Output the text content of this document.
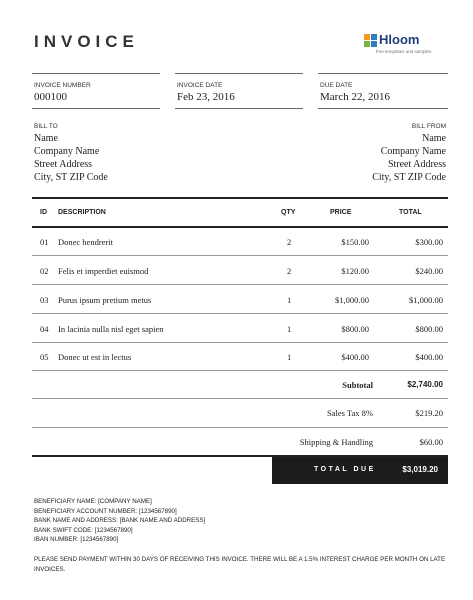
INVOICE	Hloom
free templates and samples
INVOICE NUMBER
000100
INVOICE DATE
Feb 23, 2016
DUE DATE
March 22, 2016
BILL TO
Name
Company Name
Street Address
City, ST ZIP Code
BILL FROM
Name
Company Name
Street Address
City, ST ZIP Code
ID DESCRIPTION	QTY	PRICE	TOTAL
01 Donec hendrerit	2	$150.00	$300.00
02 Felis et imperdiet euismod	2	$120.00	$240.00
03 Purus ipsum pretium metus	1	$1,000.00	$1,000.00
04 In lacinia nulla nisl eget sapien	1	$800.00	$800.00
05 Donec ut est in lectus	1	$400.00	$400.00
Subtotal	$2,740.00
Sales Tax 8%	$219.20
Shipping & Handling	$60.00
TOTAL DUE	$3,019.20
BENEFICIARY NAME: [COMPANY NAME]
BENEFICIARY ACCOUNT NUMBER: [1234567890]
BANK NAME AND ADDRESS: [BANK NAME AND ADDRESS]
BANK SWIFT CODE: [1234567890]
IBAN NUMBER: [1234567890]
PLEASE SEND PAYMENT WITHIN 30 DAYS OF RECEIVING THIS INVOICE. THERE WILL BE A 1.5% INTEREST CHARGE PER MONTH ON LATE INVOICES.
